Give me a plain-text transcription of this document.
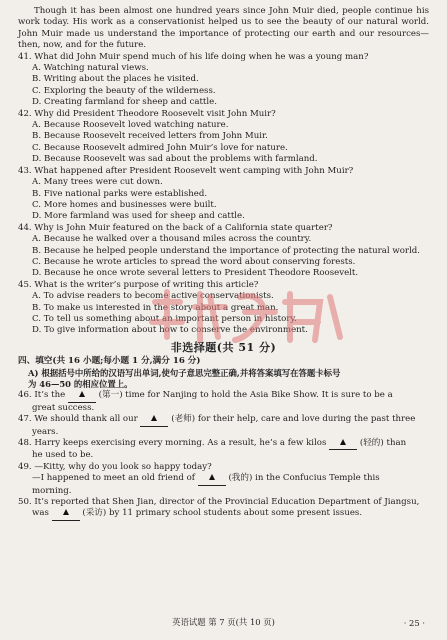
Though it has been almost one hundred years since John Muir died, people continue his work today. His work as a conservationist helped us to see the beauty of our natural world. John Muir made us understand the importance of protecting our earth and our resources—then, now, and for the future.

41. What did John Muir spend much of his life doing when he was a young man?

A. Watching natural views.

B. Writing about the places he visited.

C. Exploring the beauty of the wilderness.

D. Creating farmland for sheep and cattle.

42. Why did President Theodore Roosevelt visit John Muir?

A. Because Roosevelt loved watching nature.

B. Because Roosevelt received letters from John Muir.

C. Because Roosevelt admired John Muir’s love for nature.

D. Because Roosevelt was sad about the problems with farmland.

43. What happened after President Roosevelt went camping with John Muir?

A. Many trees were cut down.

B. Five national parks were established.

C. More homes and businesses were built.

D. More farmland was used for sheep and cattle.

44. Why is John Muir featured on the back of a California state quarter?

A. Because he walked over a thousand miles across the country.

B. Because he helped people understand the importance of protecting the natural world.

C. Because he wrote articles to spread the word about conserving forests.

D. Because he once wrote several letters to President Theodore Roosevelt.

45. What is the writer’s purpose of writing this article?

A. To advise readers to become active conservationists.

B. To make us interested in the story about a great man.

C. To tell us something about an important person in history.

D. To give information about how to conserve the environment.

非选择题(共 51 分)

四、填空(共 16 小题;每小题 1 分,满分 16 分)

A) 根据括号中所给的汉语写出单词,使句子意思完整正确,并将答案填写在答题卡标号
为 46—50 的相应位置上。

46. It’s the	(第一) time for Nanjing to hold the Asia Bike Show. It is sure to be a
great success.

47. We should thank all our	(老师) for their help, care and love during the past three
years.

48. Harry keeps exercising every morning. As a result, he’s a few kilos	(轻的) than
he used to be.

49. —Kitty, why do you look so happy today?
—I happened to meet an old friend of	(我的) in the Confucius Temple this
morning.

50. It’s reported that Shen Jian, director of the Provincial Education Department of Jiangsu,
was	(采访) by 11 primary school students about some present issues.

英语试题 第 7 页(共 10 页)	· 25 ·
